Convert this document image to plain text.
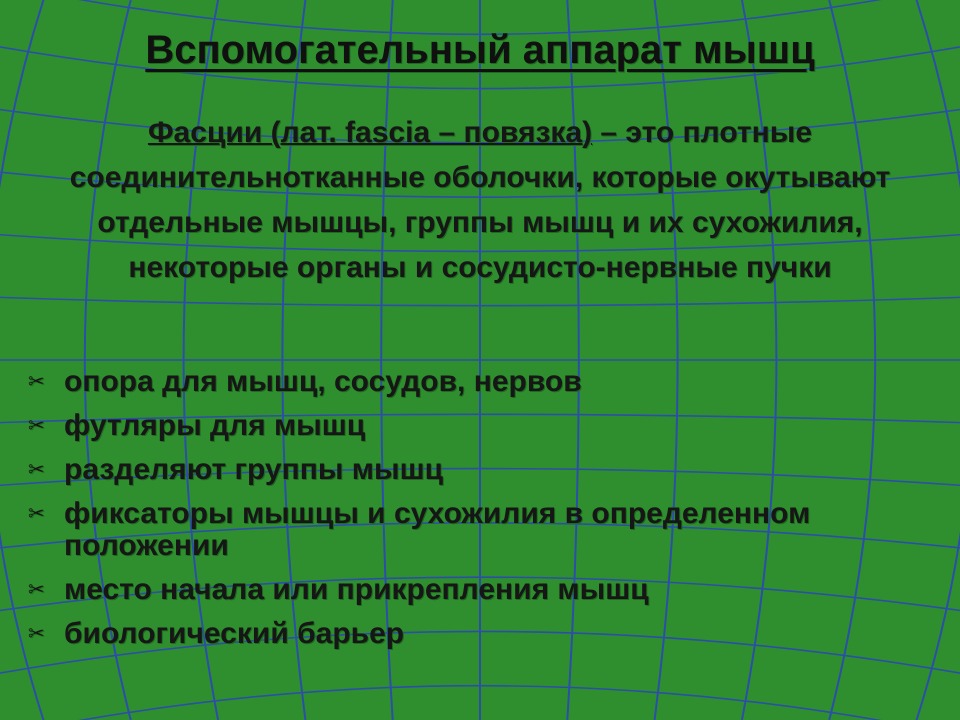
Вспомогательный аппарат мышц
Фасции (лат. fascia – повязка) – это плотные соединительнотканные оболочки, которые окутывают отдельные мышцы, группы мышц и их сухожилия, некоторые органы и сосудисто-нервные пучки
✂ опора для мышц, сосудов, нервов
✂ футляры для мышц
✂ разделяют группы мышц
✂ фиксаторы мышцы и сухожилия в определенном положении
✂ место начала или прикрепления мышц
✂ биологический барьер
